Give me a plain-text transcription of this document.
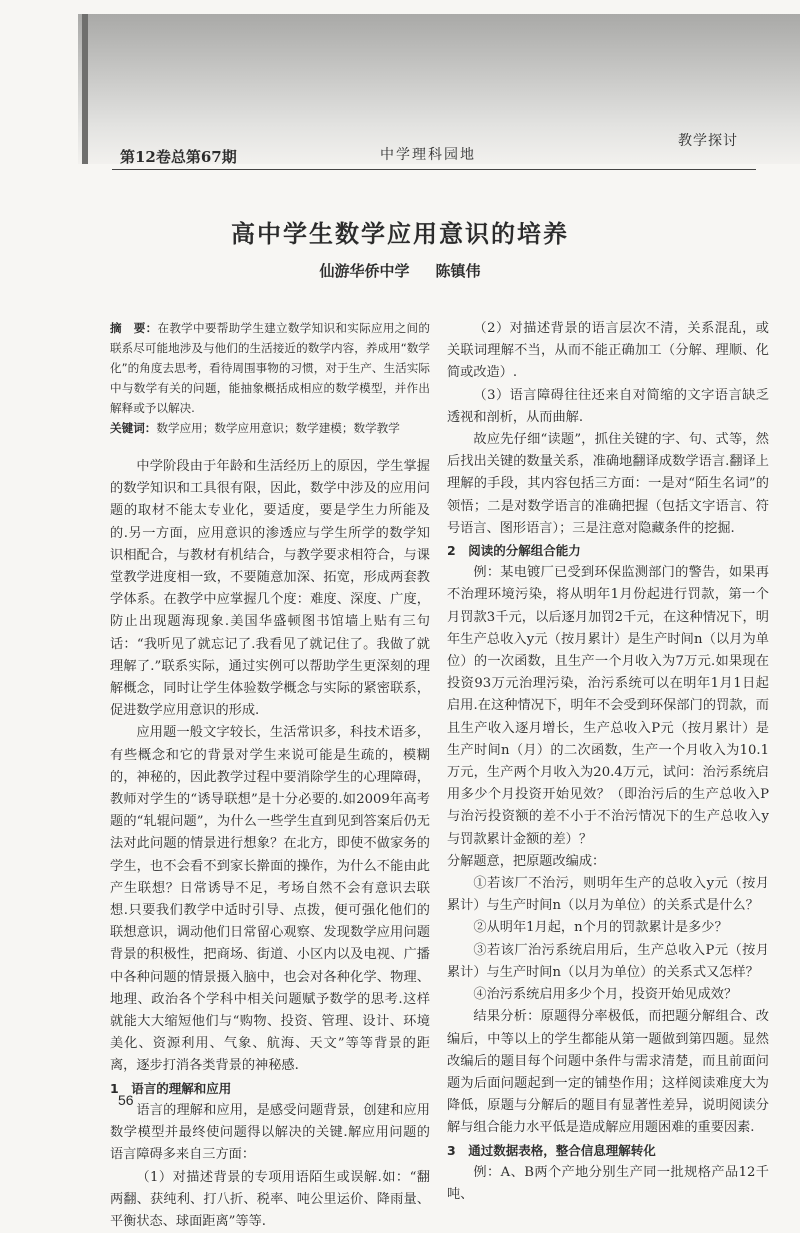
第12卷总第67期	中学理科园地
教学探讨
高中学生数学应用意识的培养
仙游华侨中学 陈镇伟

摘　要：在教学中要帮助学生建立数学知识和实际应用之间的联系尽可能地涉及与他们的生活接近的数学内容，养成用“数学化”的角度去思考，看待周围事物的习惯，对于生产、生活实际中与数学有关的问题，能抽象概括成相应的数学模型，并作出解释或予以解决.
关键词：数学应用；数学应用意识；数学建模；数学教学

中学阶段由于年龄和生活经历上的原因，学生掌握的数学知识和工具很有限，因此，数学中涉及的应用问题的取材不能太专业化，要适度，要是学生力所能及的.另一方面，应用意识的渗透应与学生所学的数学知识相配合，与教材有机结合，与教学要求相符合，与课堂教学进度相一致，不要随意加深、拓宽，形成两套教学体系。在教学中应掌握几个度：难度、深度、广度，防止出现题海现象.美国华盛顿图书馆墙上贴有三句话：“我听见了就忘记了.我看见了就记住了。我做了就理解了.”联系实际，通过实例可以帮助学生更深刻的理解概念，同时让学生体验数学概念与实际的紧密联系，促进数学应用意识的形成.

应用题一般文字较长，生活常识多，科技术语多，有些概念和它的背景对学生来说可能是生疏的，模糊的，神秘的，因此教学过程中要消除学生的心理障碍，教师对学生的“诱导联想”是十分必要的.如2009年高考题的“轧辊问题”，为什么一些学生直到见到答案后仍无法对此问题的情景进行想象？在北方，即使不做家务的学生，也不会看不到家长擀面的操作，为什么不能由此产生联想？日常诱导不足，考场自然不会有意识去联想.只要我们教学中适时引导、点拨，便可强化他们的联想意识，调动他们日常留心观察、发现数学应用问题背景的积极性，把商场、街道、小区内以及电视、广播中各种问题的情景摄入脑中，也会对各种化学、物理、地理、政治各个学科中相关问题赋予数学的思考.这样就能大大缩短他们与“购物、投资、管理、设计、环境美化、资源利用、气象、航海、天文”等等背景的距离，逐步打消各类背景的神秘感.

1　语言的理解和应用

语言的理解和应用，是感受问题背景，创建和应用数学模型并最终使问题得以解决的关键.解应用问题的语言障碍多来自三方面：

（1）对描述背景的专项用语陌生或误解.如：“翻两翻、获纯利、打八折、税率、吨公里运价、降雨量、平衡状态、球面距离”等等.

（2）对描述背景的语言层次不清，关系混乱，或关联词理解不当，从而不能正确加工（分解、理顺、化简或改造）.

（3）语言障碍往往还来自对简缩的文字语言缺乏透视和剖析，从而曲解.

故应先仔细“读题”，抓住关键的字、句、式等，然后找出关键的数量关系，准确地翻译成数学语言.翻译上理解的手段，其内容包括三方面：一是对“陌生名词”的领悟；二是对数学语言的准确把握（包括文字语言、符号语言、图形语言）；三是注意对隐藏条件的挖掘.

2　阅读的分解组合能力

例：某电镀厂已受到环保监测部门的警告，如果再不治理环境污染，将从明年1月份起进行罚款，第一个月罚款3千元，以后逐月加罚2千元，在这种情况下，明年生产总收入y元（按月累计）是生产时间n（以月为单位）的一次函数，且生产一个月收入为7万元.如果现在投资93万元治理污染，治污系统可以在明年1月1日起启用.在这种情况下，明年不会受到环保部门的罚款，而且生产收入逐月增长，生产总收入P元（按月累计）是生产时间n（月）的二次函数，生产一个月收入为10.1万元，生产两个月收入为20.4万元，试问：治污系统启用多少个月投资开始见效？（即治污后的生产总收入P与治污投资额的差不小于不治污情况下的生产总收入y与罚款累计金额的差）？

分解题意，把原题改编成：

①若该厂不治污，则明年生产的总收入y元（按月累计）与生产时间n（以月为单位）的关系式是什么？

②从明年1月起，n个月的罚款累计是多少？

③若该厂治污系统启用后，生产总收入P元（按月累计）与生产时间n（以月为单位）的关系式又怎样？

④治污系统启用多少个月，投资开始见成效？

结果分析：原题得分率极低，而把题分解组合、改编后，中等以上的学生都能从第一题做到第四题。显然改编后的题目每个问题中条件与需求清楚，而且前面问题为后面问题起到一定的铺垫作用；这样阅读难度大为降低，原题与分解后的题目有显著性差异，说明阅读分解与组合能力水平低是造成解应用题困难的重要因素.

3　通过数据表格，整合信息理解转化

例：A、B两个产地分别生产同一批规格产品12千吨、

56
